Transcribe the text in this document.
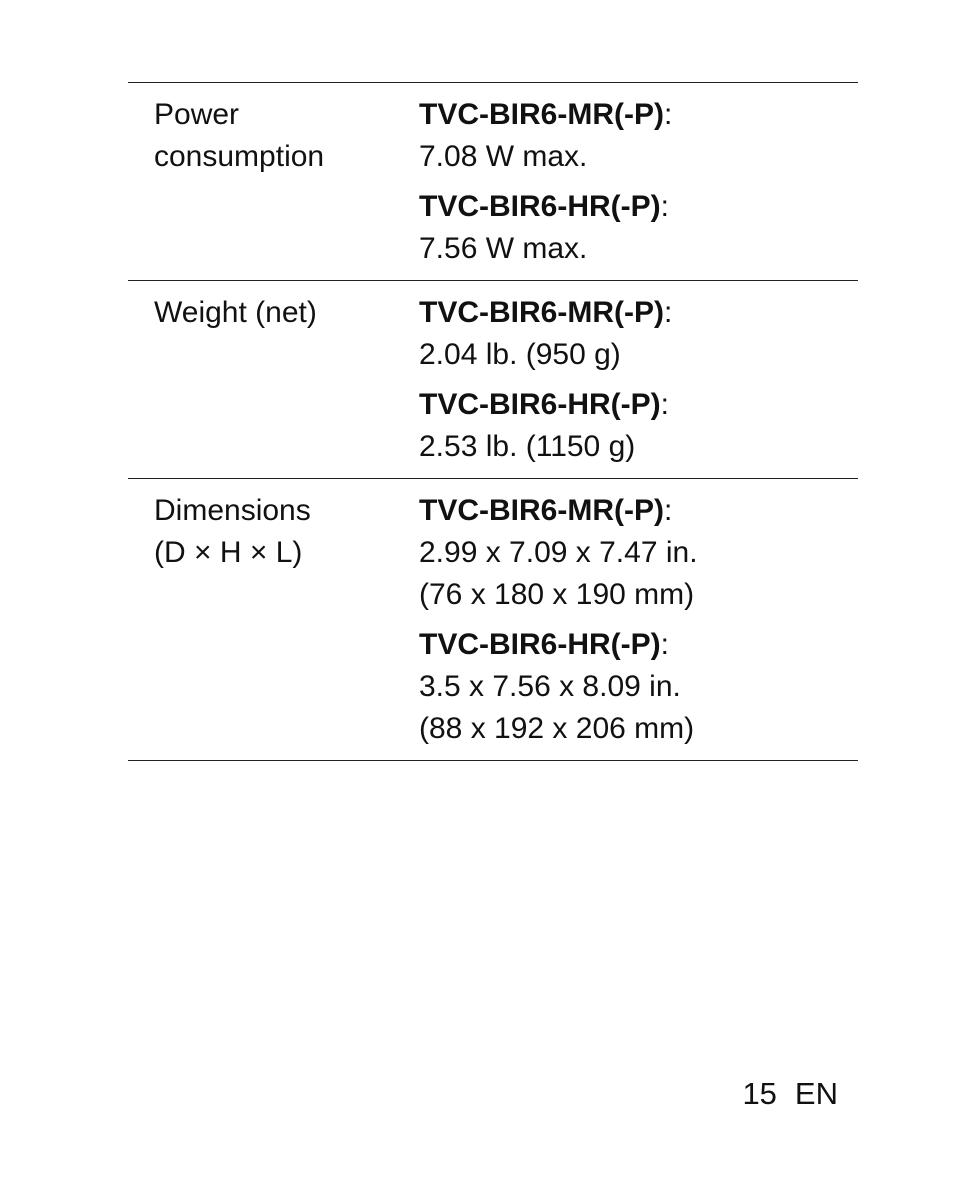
Power
consumption
TVC-BIR6-MR(-P):
7.08 W max.
TVC-BIR6-HR(-P):
7.56 W max.
Weight (net)	TVC-BIR6-MR(-P):
2.04 lb. (950 g)
TVC-BIR6-HR(-P):
2.53 lb. (1150 g)
Dimensions
(D × H × L)
TVC-BIR6-MR(-P):
2.99 x 7.09 x 7.47 in.
(76 x 180 x 190 mm)
TVC-BIR6-HR(-P):
3.5 x 7.56 x 8.09 in.
(88 x 192 x 206 mm)
15 EN
